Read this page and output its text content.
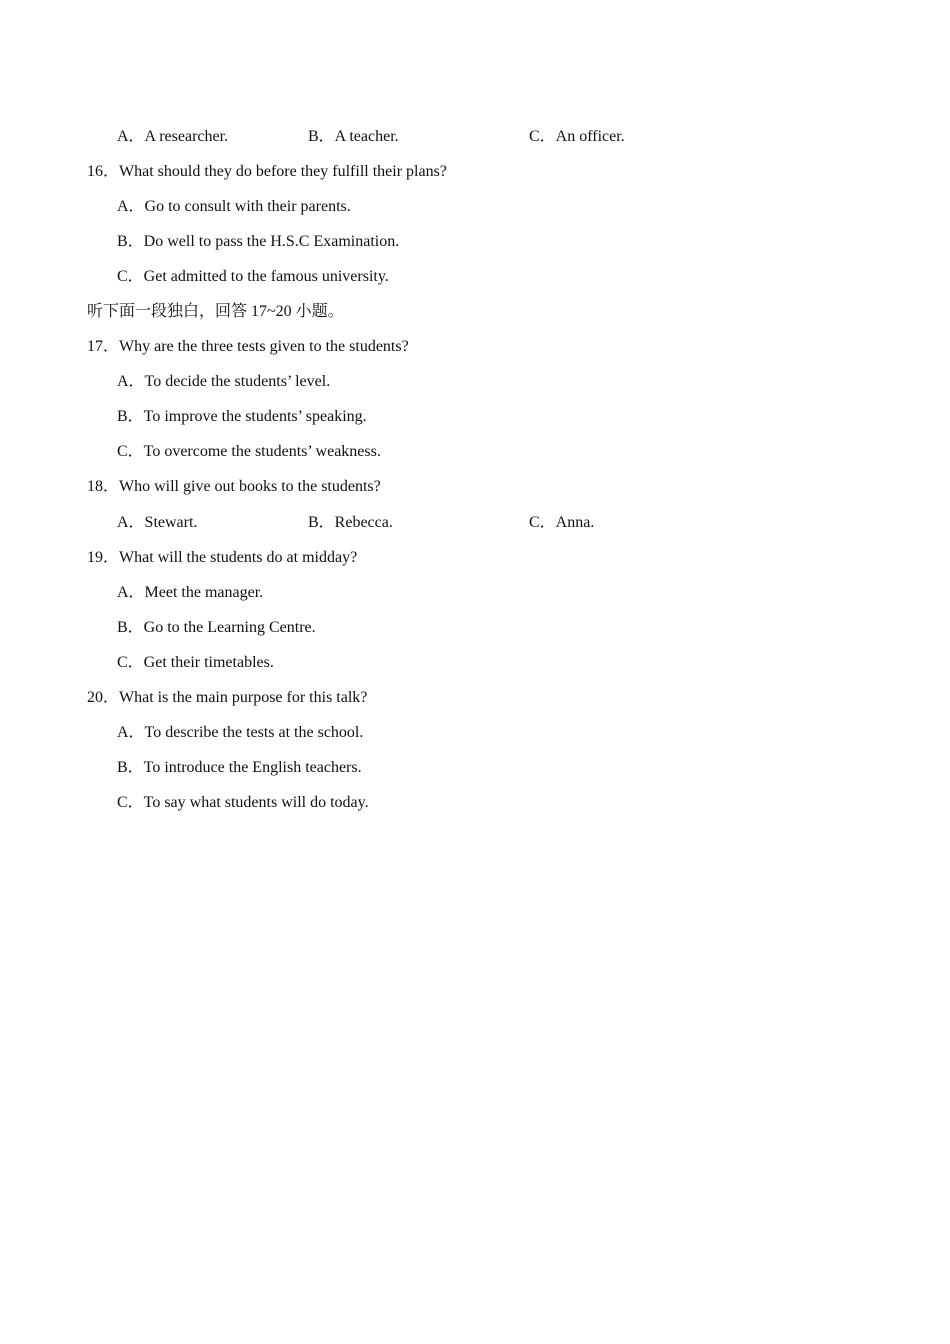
A．A researcher.	B．A teacher.	C．An officer.
16．What should they do before they fulfill their plans?
A．Go to consult with their parents.
B．Do well to pass the H.S.C Examination.
C．Get admitted to the famous university.
听下面一段独白，回答 17~20 小题。
17．Why are the three tests given to the students?
A．To decide the students’ level.
B．To improve the students’ speaking.
C．To overcome the students’ weakness.
18．Who will give out books to the students?
A．Stewart.	B．Rebecca.	C．Anna.
19．What will the students do at midday?
A．Meet the manager.
B．Go to the Learning Centre.
C．Get their timetables.
20．What is the main purpose for this talk?
A．To describe the tests at the school.
B．To introduce the English teachers.
C．To say what students will do today.
